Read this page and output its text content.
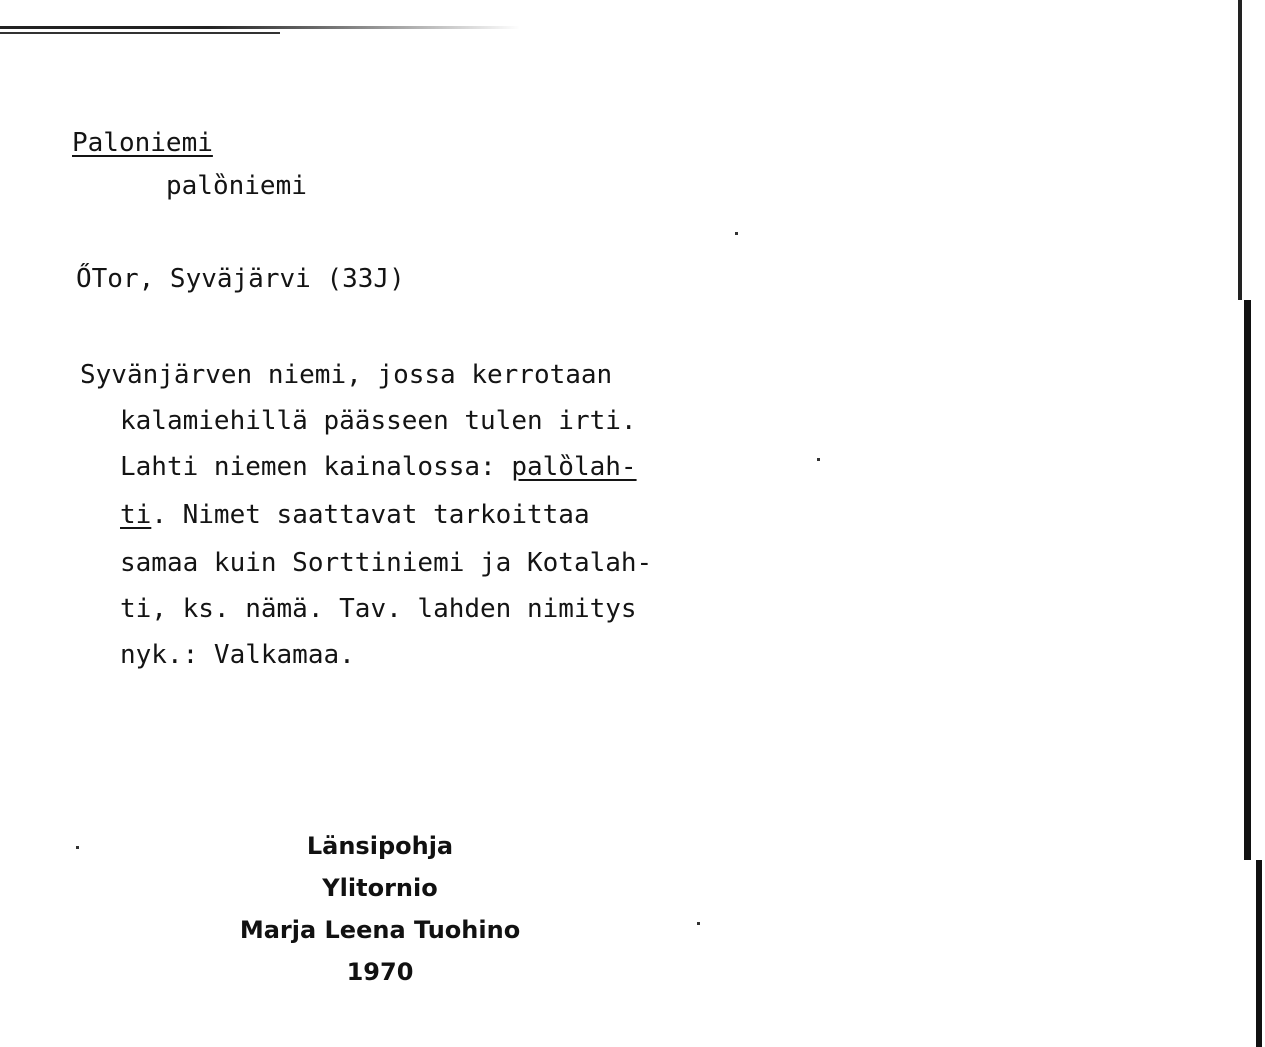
Paloniemi

palȍniemi

ŐTor, Syväjärvi (33J)

Syvänjärven niemi, jossa kerrotaan

kalamiehillä päässeen tulen irti.

Lahti niemen kainalossa: palȍlah-

ti. Nimet saattavat tarkoittaa

samaa kuin Sorttiniemi ja Kotalah-

ti, ks. nämä. Tav. lahden nimitys

nyk.: Valkamaa.

Länsipohja
Ylitornio
Marja Leena Tuohino
1970
